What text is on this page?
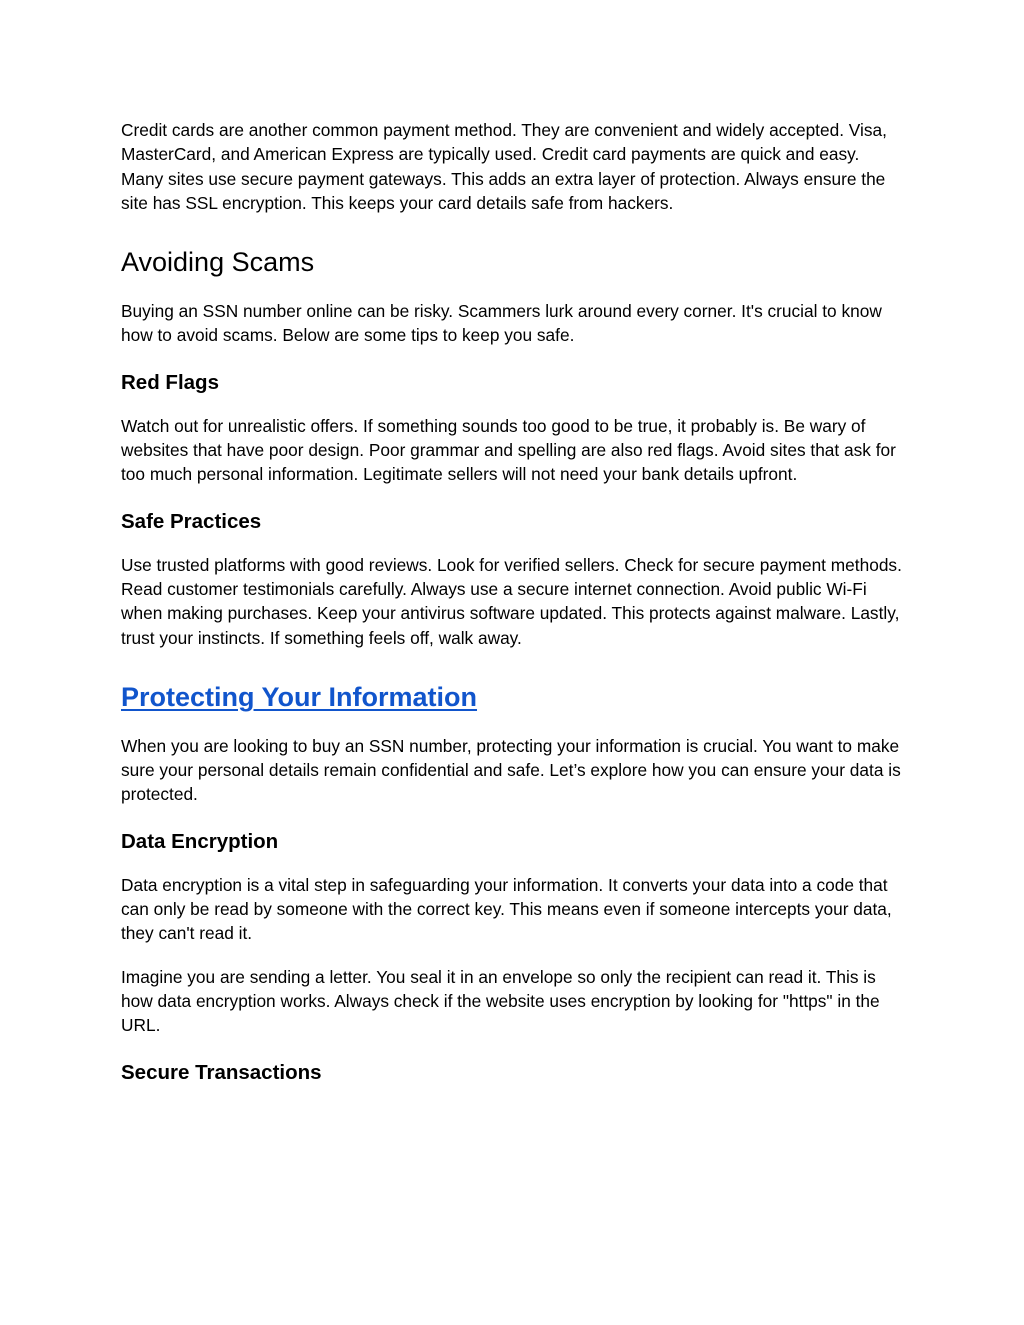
Credit cards are another common payment method. They are convenient and widely accepted. Visa, MasterCard, and American Express are typically used. Credit card payments are quick and easy. Many sites use secure payment gateways. This adds an extra layer of protection. Always ensure the site has SSL encryption. This keeps your card details safe from hackers.

Avoiding Scams

Buying an SSN number online can be risky. Scammers lurk around every corner. It's crucial to know how to avoid scams. Below are some tips to keep you safe.

Red Flags

Watch out for unrealistic offers. If something sounds too good to be true, it probably is. Be wary of websites that have poor design. Poor grammar and spelling are also red flags. Avoid sites that ask for too much personal information. Legitimate sellers will not need your bank details upfront.

Safe Practices

Use trusted platforms with good reviews. Look for verified sellers. Check for secure payment methods. Read customer testimonials carefully. Always use a secure internet connection. Avoid public Wi-Fi when making purchases. Keep your antivirus software updated. This protects against malware. Lastly, trust your instincts. If something feels off, walk away.

Protecting Your Information

When you are looking to buy an SSN number, protecting your information is crucial. You want to make sure your personal details remain confidential and safe. Let’s explore how you can ensure your data is protected.

Data Encryption

Data encryption is a vital step in safeguarding your information. It converts your data into a code that can only be read by someone with the correct key. This means even if someone intercepts your data, they can't read it.

Imagine you are sending a letter. You seal it in an envelope so only the recipient can read it. This is how data encryption works. Always check if the website uses encryption by looking for "https" in the URL.

Secure Transactions
